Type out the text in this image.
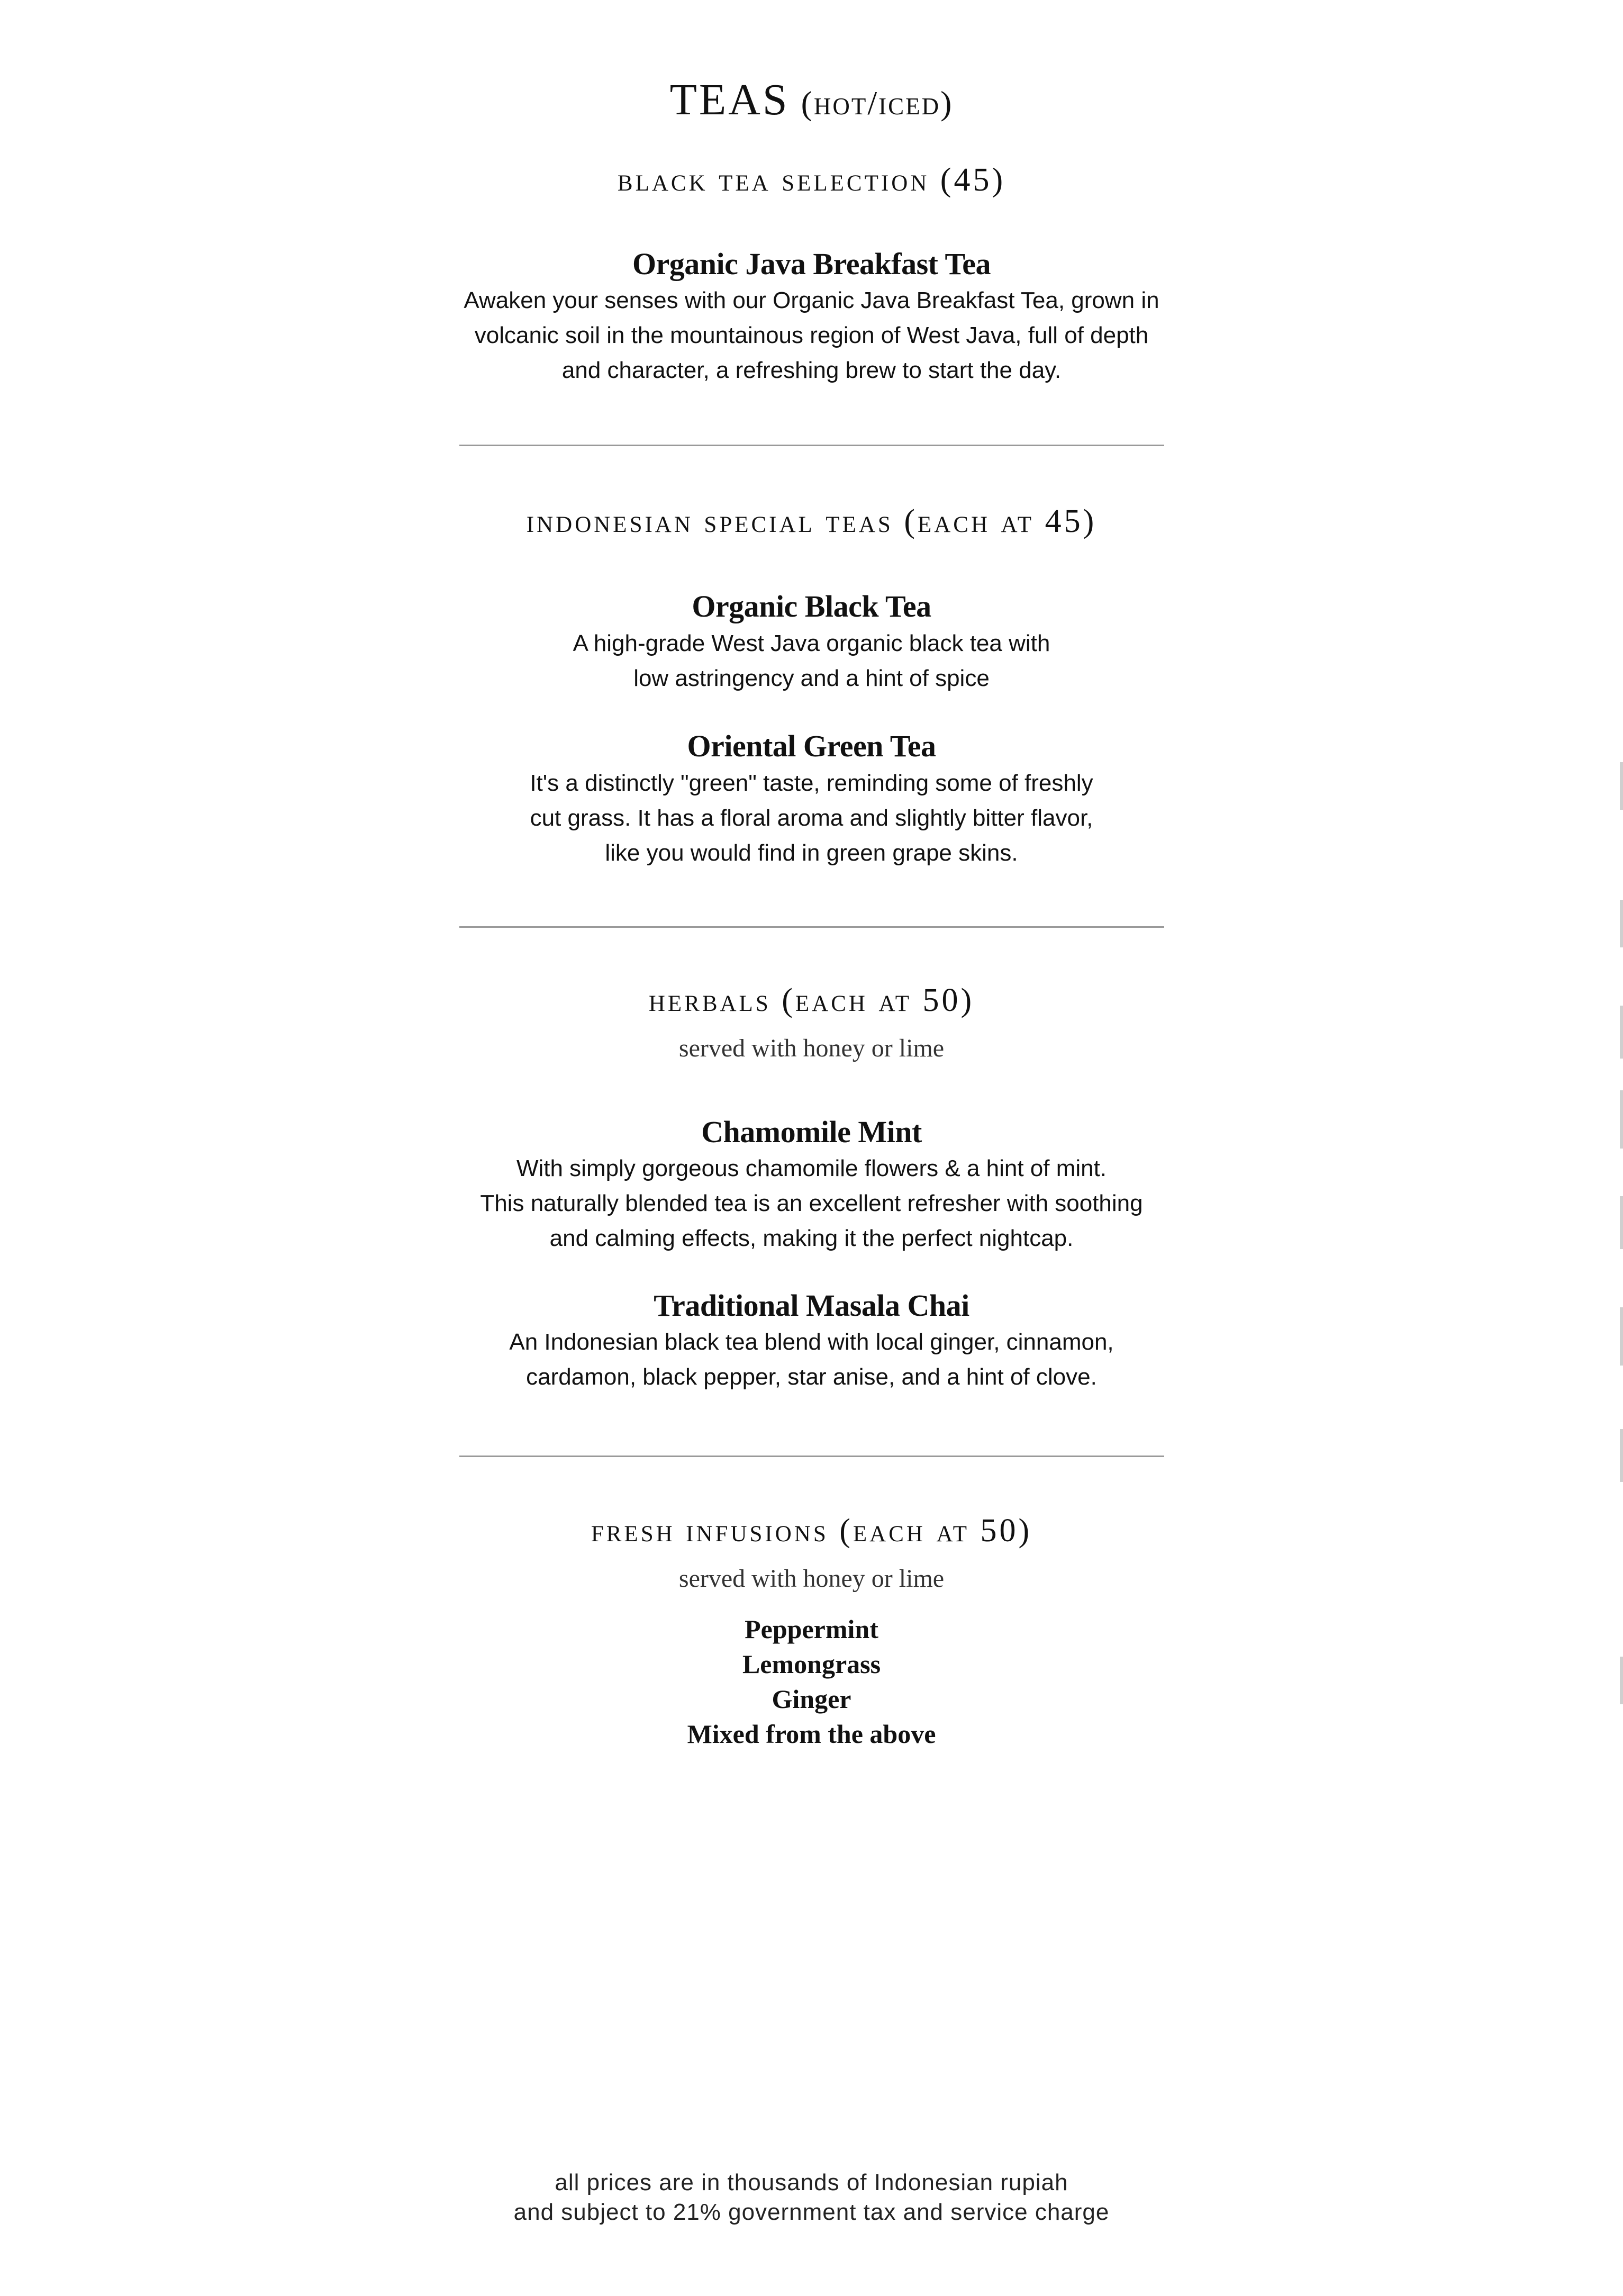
TEAS (hot/iced)
black tea selection (45)
Organic Java Breakfast Tea
Awaken your senses with our Organic Java Breakfast Tea, grown in
volcanic soil in the mountainous region of West Java, full of depth
and character, a refreshing brew to start the day.
indonesian special teas (each at 45)
Organic Black Tea
A high-grade West Java organic black tea with
low astringency and a hint of spice
Oriental Green Tea
It's a distinctly "green" taste, reminding some of freshly
cut grass. It has a floral aroma and slightly bitter flavor,
like you would find in green grape skins.
herbals (each at 50)
served with honey or lime
Chamomile Mint
With simply gorgeous chamomile flowers & a hint of mint.
This naturally blended tea is an excellent refresher with soothing
and calming effects, making it the perfect nightcap.
Traditional Masala Chai
An Indonesian black tea blend with local ginger, cinnamon,
cardamon, black pepper, star anise, and a hint of clove.
fresh infusions (each at 50)
served with honey or lime
Peppermint
Lemongrass
Ginger
Mixed from the above
all prices are in thousands of Indonesian rupiah
and subject to 21% government tax and service charge
